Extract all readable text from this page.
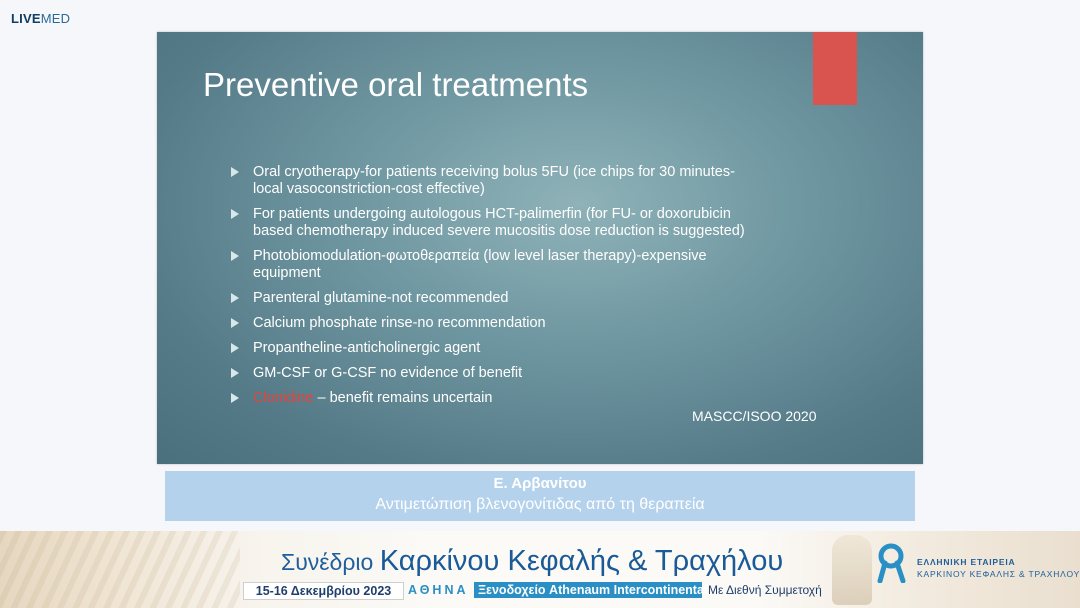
LIVEMED
Preventive oral treatments
Oral cryotherapy-for patients receiving bolus 5FU (ice chips for 30 minutes-local vasoconstriction-cost effective)
For patients undergoing autologous HCT-palimerfin (for FU- or doxorubicin based chemotherapy induced severe mucositis dose reduction is suggested)
Photobiomodulation-φωτοθεραπεία (low level laser therapy)-expensive equipment
Parenteral glutamine-not recommended
Calcium phosphate rinse-no recommendation
Propantheline-anticholinergic agent
GM-CSF or G-CSF no evidence of benefit
Clonidine – benefit remains uncertain
MASCC/ISOO 2020
Ε. Αρβανίτου
Αντιμετώπιση βλενογονίτιδας από τη θεραπεία
Συνέδριο Καρκίνου Κεφαλής & Τραχήλου
15-16 Δεκεμβρίου 2023	ΑΘΗΝΑ Ξενοδοχείο Athenaum Intercontinental Με Διεθνή Συμμετοχή
ΕΛΛΗΝΙΚΗ ΕΤΑΙΡΕΙΑ
ΚΑΡΚΙΝΟΥ ΚΕΦΑΛΗΣ & ΤΡΑΧΗΛΟΥ
